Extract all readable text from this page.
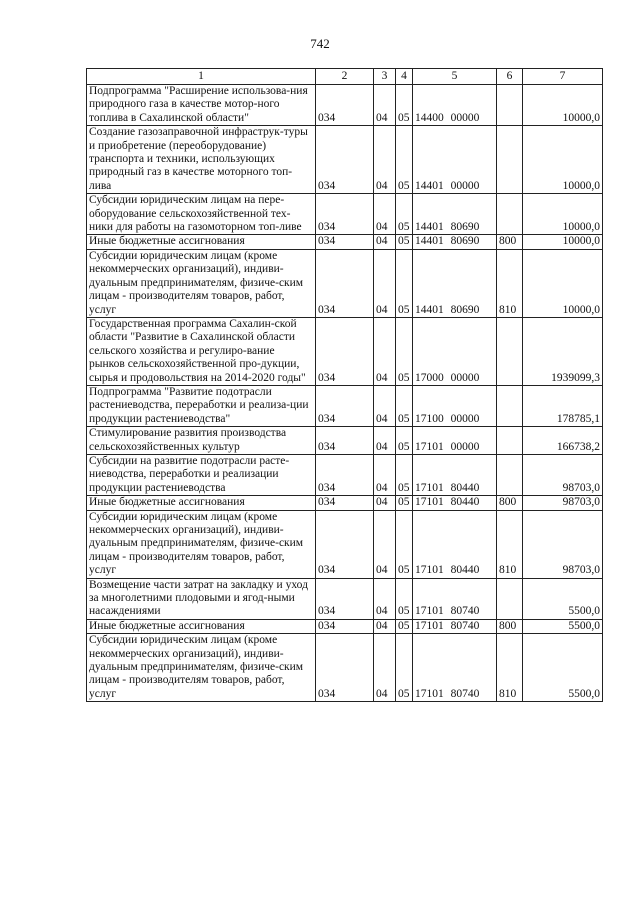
742
1	2	3	4	5	6	7
Подпрограмма "Расширение использова-ния природного газа в качестве мотор-ного топлива в Сахалинской области"	034	04	05	14400 00000		10000,0
Создание газозаправочной инфраструк-туры и приобретение (переоборудование) транспорта и техники, использующих природный газ в качестве моторного топ-лива	034	04	05	14401 00000		10000,0
Субсидии юридическим лицам на пере-оборудование сельскохозяйственной тех-ники для работы на газомоторном топ-ливе	034	04	05	14401 80690		10000,0
Иные бюджетные ассигнования	034	04	05	14401 80690	800	10000,0
Субсидии юридическим лицам (кроме некоммерческих организаций), индиви-дуальным предпринимателям, физиче-ским лицам - производителям товаров, работ, услуг	034	04	05	14401 80690	810	10000,0
Государственная программа Сахалин-ской области "Развитие в Сахалинской области сельского хозяйства и регулиро-вание рынков сельскохозяйственной про-дукции, сырья и продовольствия на 2014-2020 годы"	034	04	05	17000 00000		1939099,3
Подпрограмма "Развитие подотрасли растениеводства, переработки и реализа-ции продукции растениеводства"	034	04	05	17100 00000		178785,1
Стимулирование развития производства сельскохозяйственных культур	034	04	05	17101 00000		166738,2
Субсидии на развитие подотрасли расте-ниеводства, переработки и реализации продукции растениеводства	034	04	05	17101 80440		98703,0
Иные бюджетные ассигнования	034	04	05	17101 80440	800	98703,0
Субсидии юридическим лицам (кроме некоммерческих организаций), индиви-дуальным предпринимателям, физиче-ским лицам - производителям товаров, работ, услуг	034	04	05	17101 80440	810	98703,0
Возмещение части затрат на закладку и уход за многолетними плодовыми и ягод-ными насаждениями	034	04	05	17101 80740		5500,0
Иные бюджетные ассигнования	034	04	05	17101 80740	800	5500,0
Субсидии юридическим лицам (кроме некоммерческих организаций), индиви-дуальным предпринимателям, физиче-ским лицам - производителям товаров, работ, услуг	034	04	05	17101 80740	810	5500,0
